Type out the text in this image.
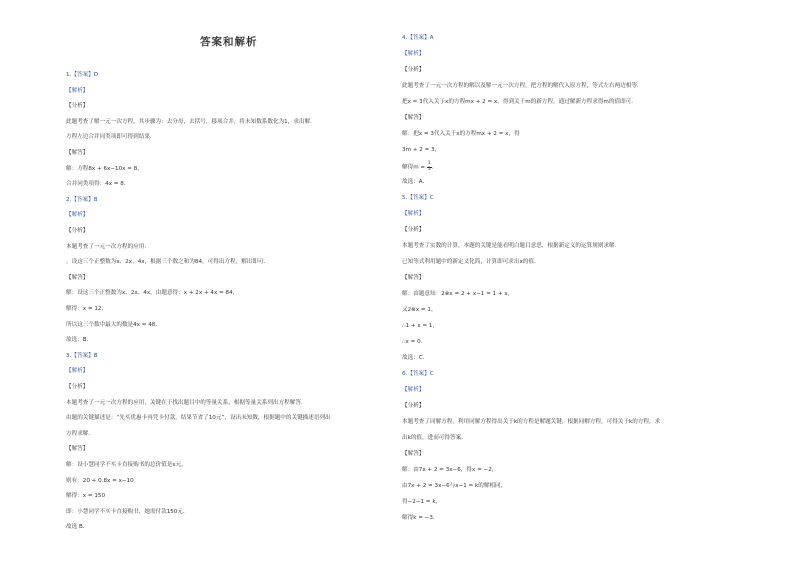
答案和解析
1.【答案】D
【解析】
【分析】
此题考查了解一元一次方程，其步骤为：去分母，去括号，移项合并，将未知数系数化为1，求出解．
方程左边合并同类项即可得到结果．
【解答】
解：方程8x + 6x−10x = 8，
合并同类项得：4x = 8．
2.【答案】B
【解析】
【分析】
本题考查了一元一次方程的应用．
，设这三个正整数为x、2x、4x，根据三个数之和为84，可得出方程，解出即可．
【解答】
解：设这三个正整数为x、2x、4x，由题意得：x + 2x + 4x = 84，
解得：x = 12，
所以这三个数中最大的数是4x = 48．
故选：B．
3.【答案】B
【解析】
【分析】
本题考查了一元一次方程的应用，关键在于找出题目中的等量关系，根据等量关系列出方程解答．
由题的关键描述是：“先买优惠卡再凭卡付款，结果节省了10元”，设出未知数，根据题中的关键描述语列出
方程求解．
【解答】
解：设小慧同学不买卡直接购书的总价值是x元，
则有：20 + 0.8x = x−10
解得：x = 150
即：小慧同学不买卡直接购书，她需付款150元．
故选 B．
4.【答案】A
【解析】
【分析】
此题考查了一元一次方程的解以及解一元一次方程，把方程的解代入原方程，等式左右两边相等．
把x = 3代入关于x的方程mx + 2 = x，得到关于m的新方程，通过解新方程求得m的值即可．
【解答】
解：把x = 3代入关于x的方程mx + 2 = x，得
3m + 2 = 3，
解得$m = \frac{1}{3}$ ．
故选：A．
5.【答案】C
【解析】
【分析】
本题考查了实数的计算，本题的关键是能看明白题目意思，根据新定义的运算规则求解．
已知等式利用题中的新定义化简，计算即可求出x的值．
【解答】
解：由题意知：2⊗x = 2 + x−1 = 1 + x，
又2⊗x = 1，
∴1 + x = 1，
∴x = 0．
故选：C．
6.【答案】C
【解析】
【分析】
本题考查了同解方程，利用同解方程得出关于k的方程是解题关键，根据同解方程，可得关于k的方程，求
出k的值，进而可得答案．
【解答】
解：由7x + 2 = 3x−6，得x = −2，
由7x + 2 = 3x−6与x−1 = k的解相同，
得−2−1 = k，
解得k = −3．
